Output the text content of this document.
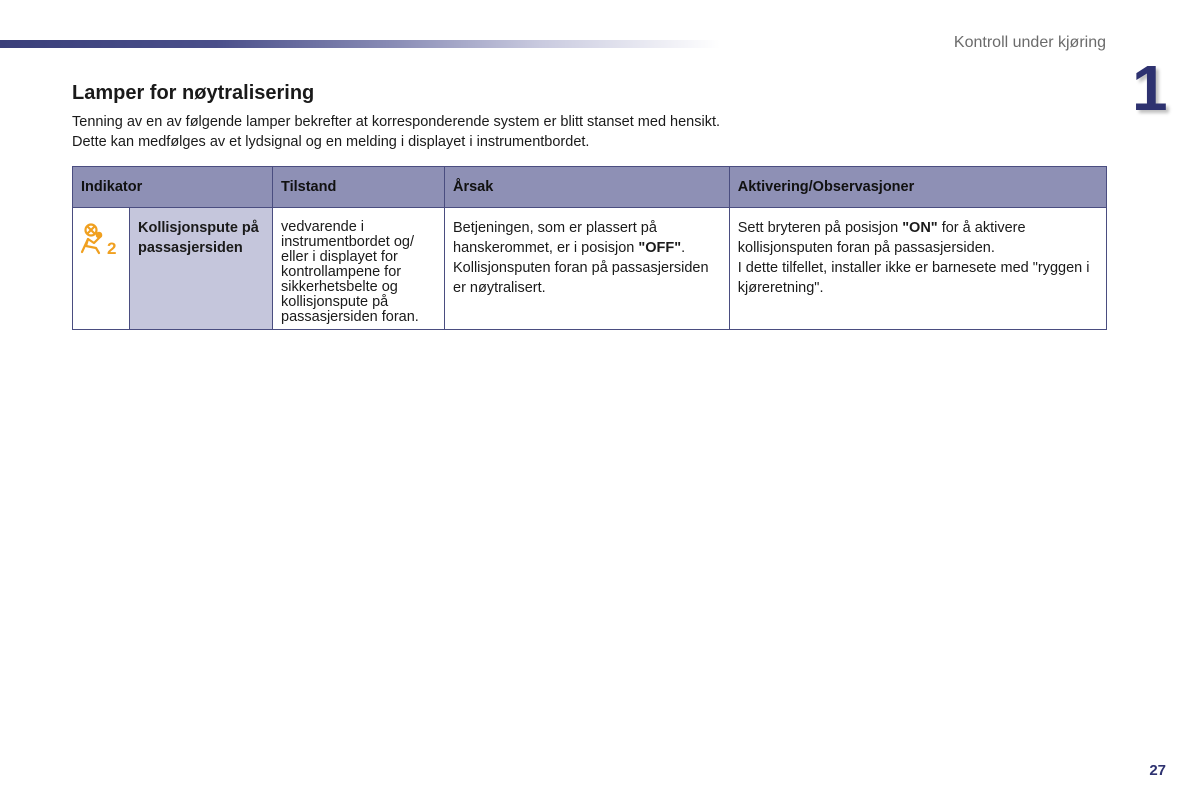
Kontroll under kjøring
1
Lamper for nøytralisering

Tenning av en av følgende lamper bekrefter at korresponderende system er blitt stanset med hensikt.

Dette kan medfølges av et lydsignal og en melding i displayet i instrumentbordet.

Indikator		Tilstand	Årsak	Aktivering/Observasjoner

2	Kollisjonspute på passasjersiden	vedvarende i instrumentbordet og/ eller i displayet for kontrollampene for sikkerhetsbelte og kollisjonspute på passasjersiden foran.	Betjeningen, som er plassert på hanskerommet, er i posisjon "OFF".
Kollisjonsputen foran på passasjersiden er nøytralisert.	Sett bryteren på posisjon "ON" for å aktivere kollisjonsputen foran på passasjersiden.
I dette tilfellet, installer ikke er barnesete med "ryggen i kjøreretning".
27
